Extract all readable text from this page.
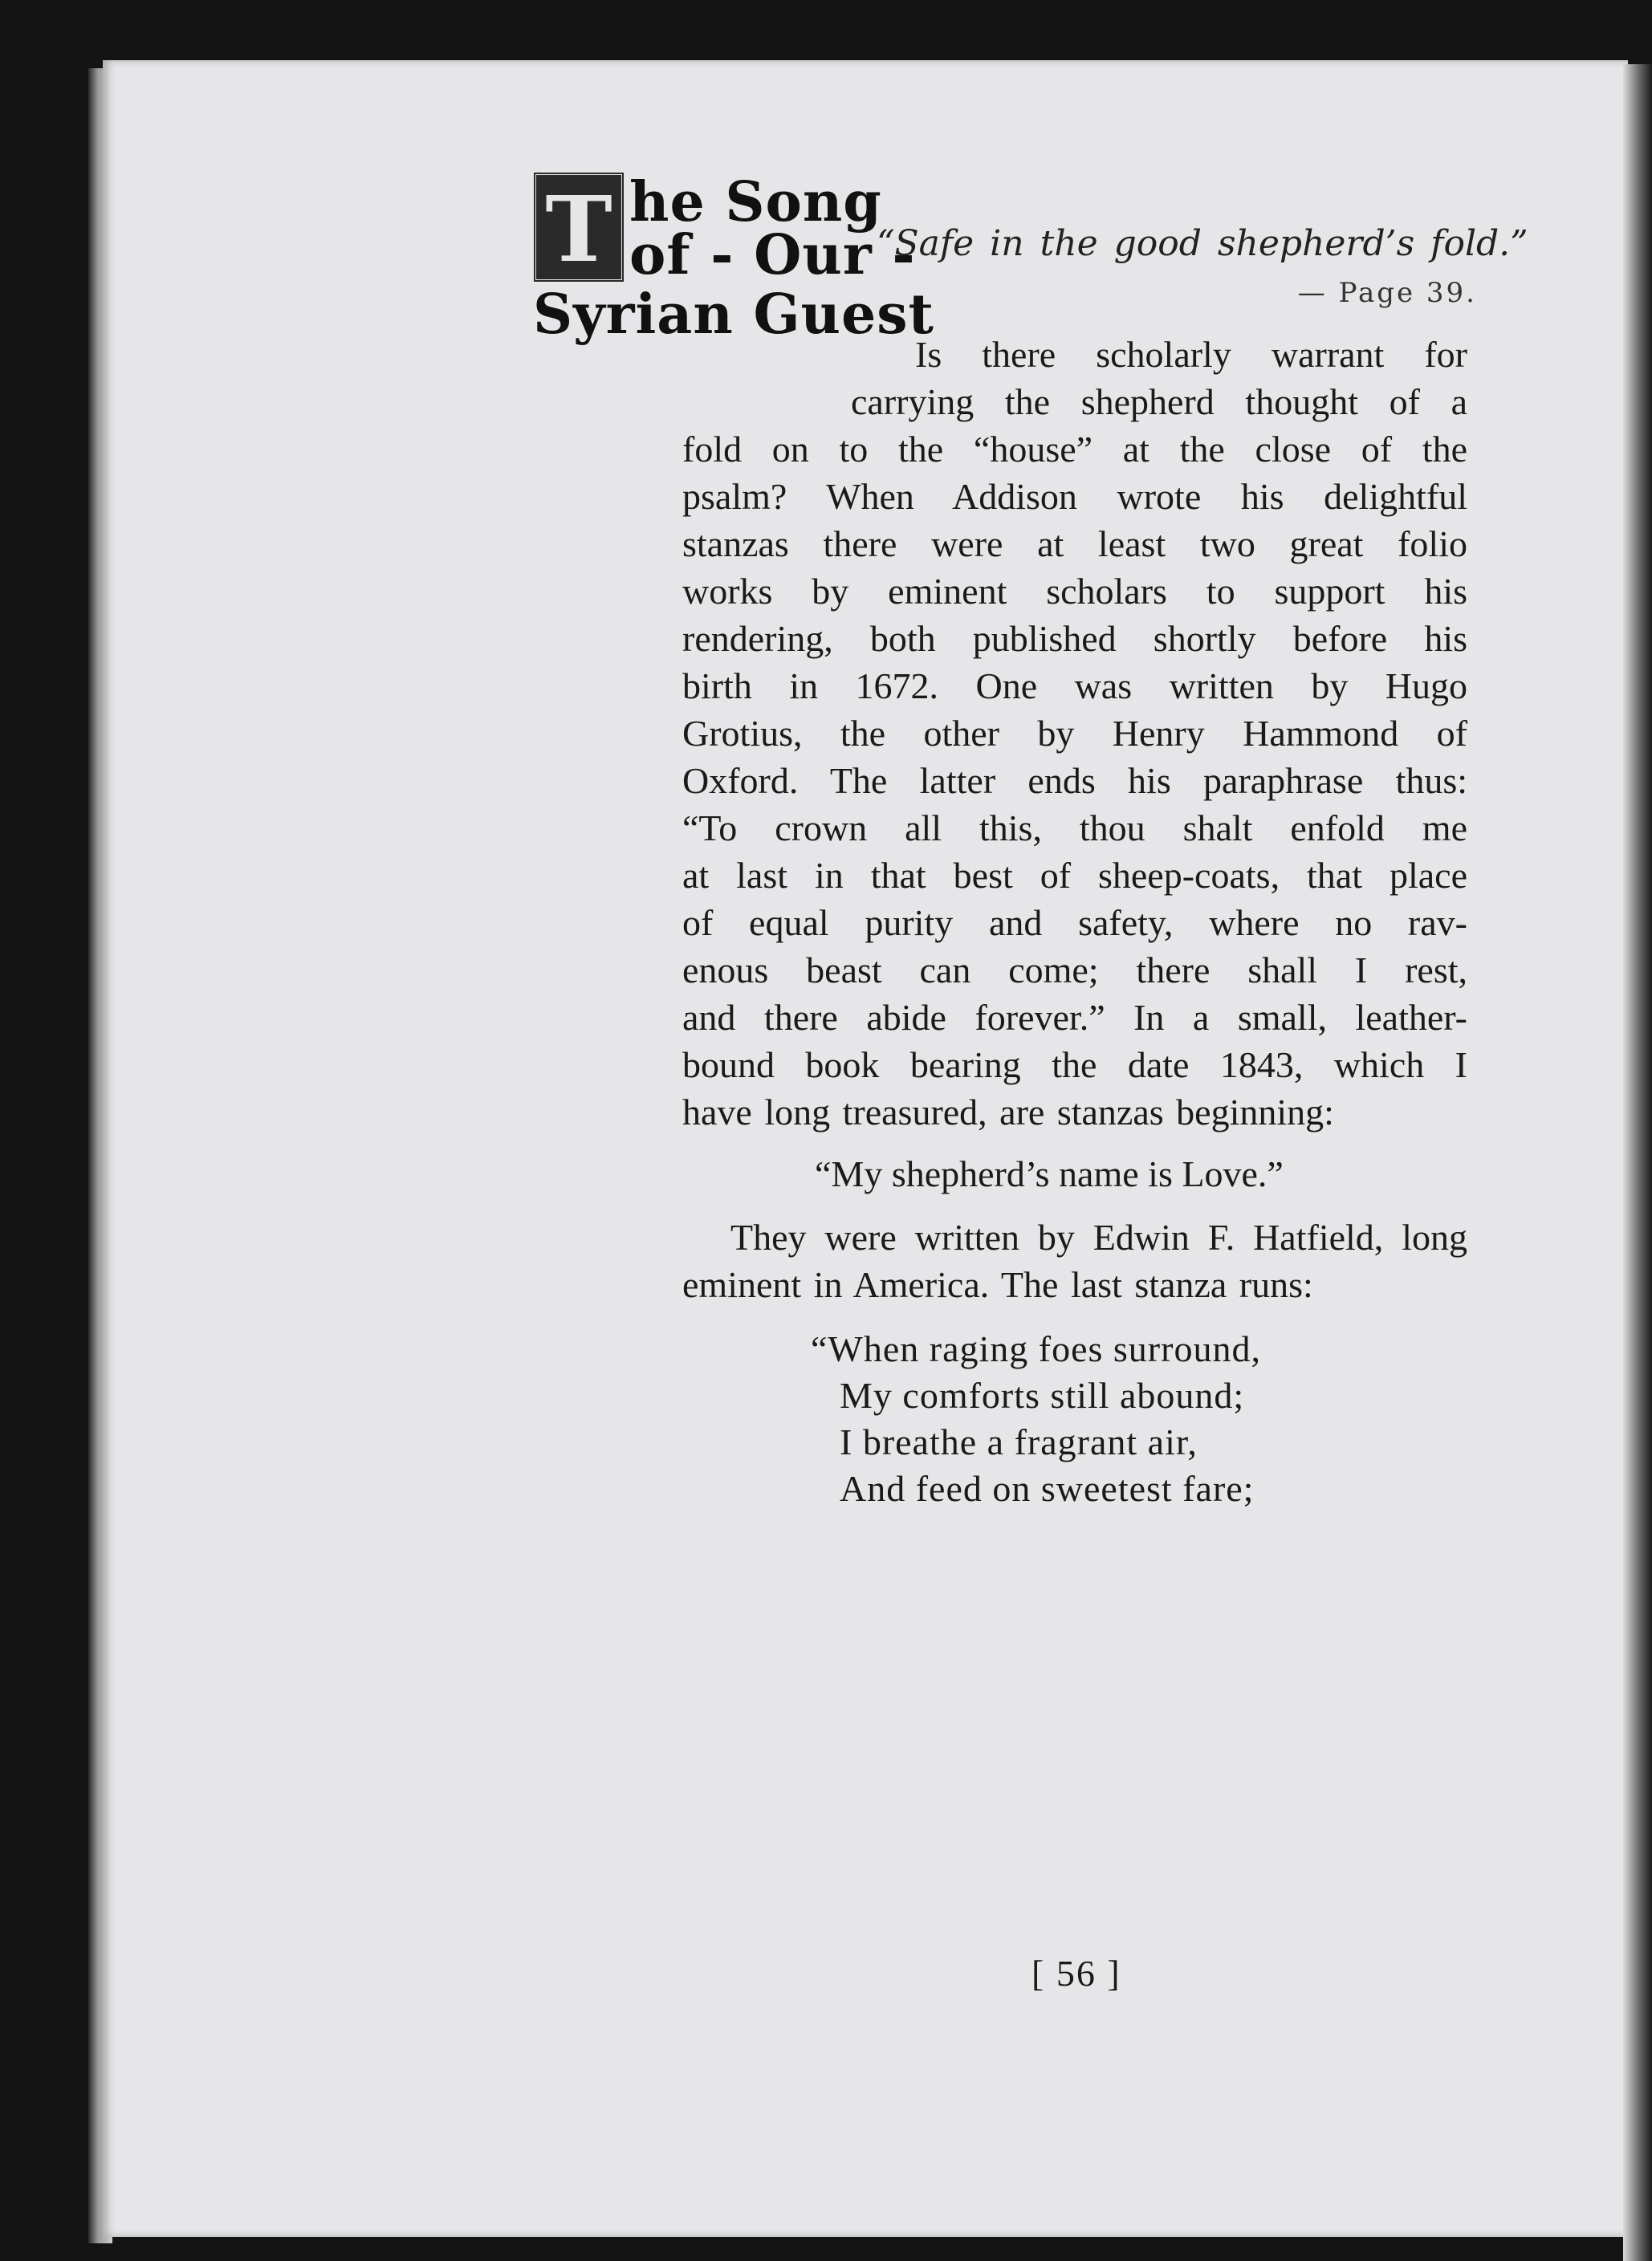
T he Song
of - Our -
Syrian Guest
“Safe in the good shepherd’s fold.”
— Page 39.
Is there scholarly warrant for
carrying the shepherd thought of a
fold on to the “house” at the close of the
psalm? When Addison wrote his delightful
stanzas there were at least two great folio
works by eminent scholars to support his
rendering, both published shortly before his
birth in 1672. One was written by Hugo
Grotius, the other by Henry Hammond of
Oxford. The latter ends his paraphrase thus:
“To crown all this, thou shalt enfold me
at last in that best of sheep-coats, that place
of equal purity and safety, where no rav-
enous beast can come; there shall I rest,
and there abide forever.” In a small, leather-
bound book bearing the date 1843, which I
have long treasured, are stanzas beginning:
“My shepherd’s name is Love.”
They were written by Edwin F. Hatfield, long
eminent in America. The last stanza runs:
“When raging foes surround,
My comforts still abound;
I breathe a fragrant air,
And feed on sweetest fare;
[ 56 ]
